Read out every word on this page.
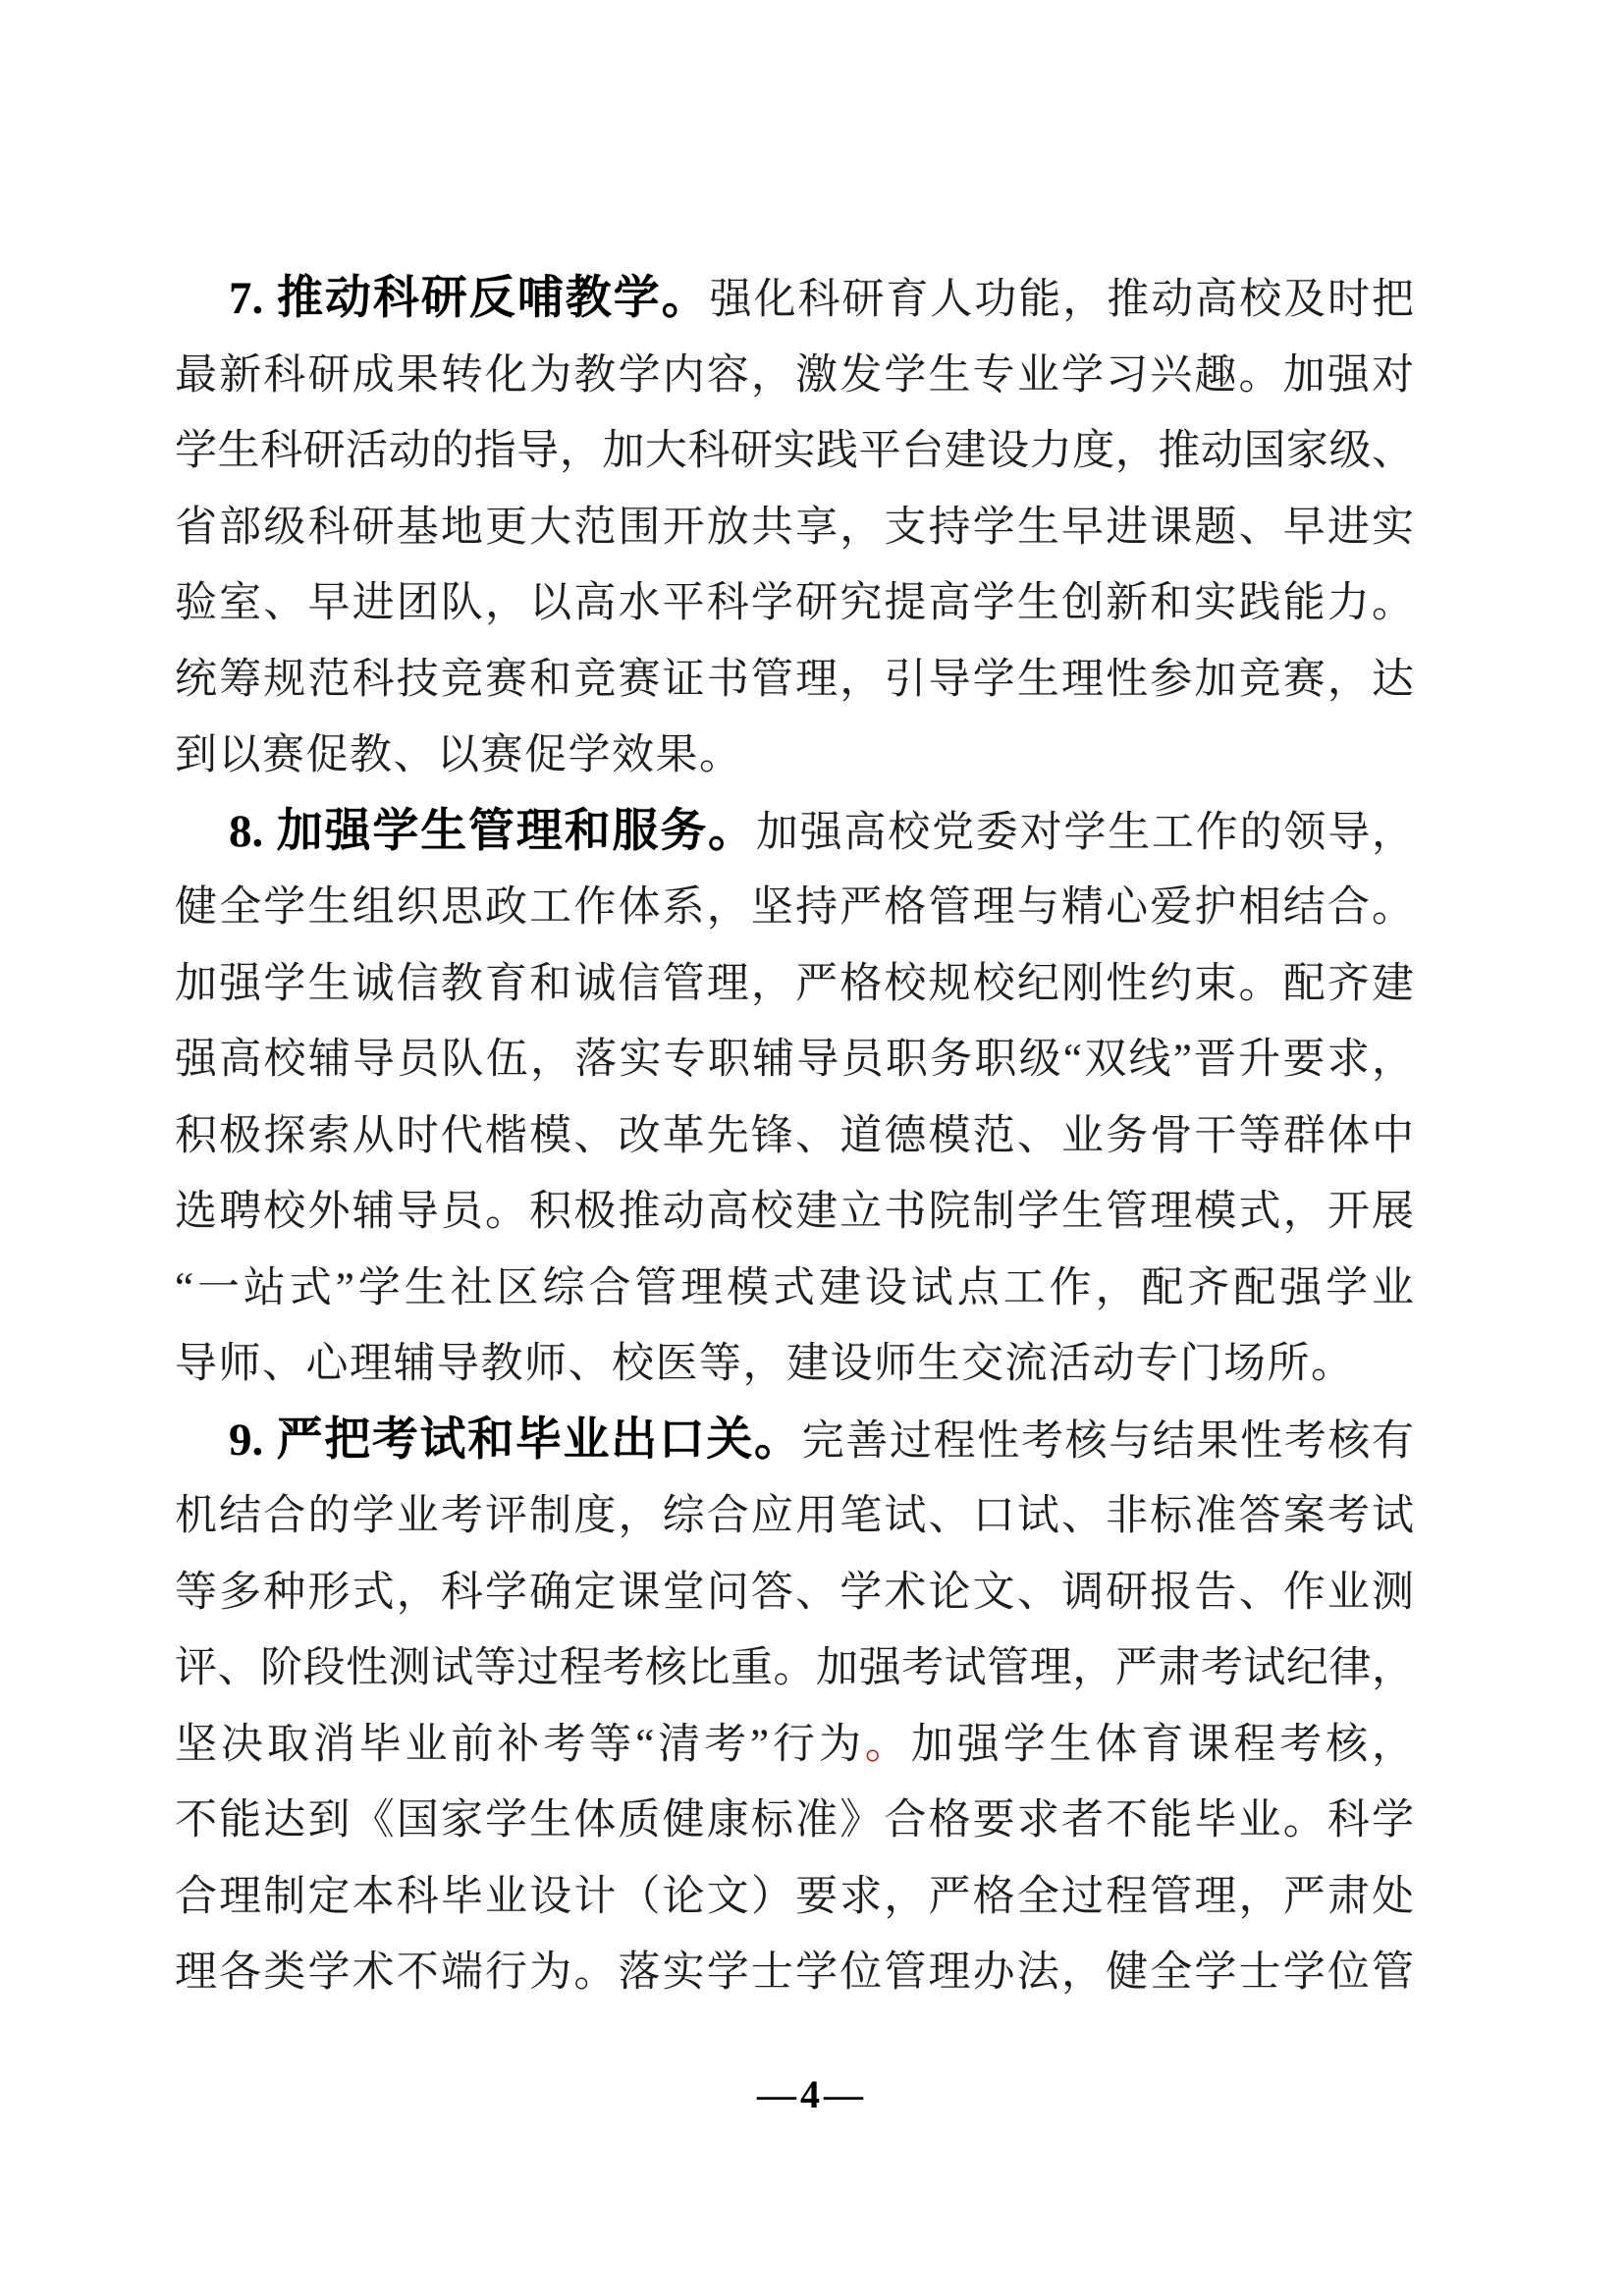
7. 推动科研反哺教学。强化科研育人功能，推动高校及时把
最新科研成果转化为教学内容，激发学生专业学习兴趣。加强对
学生科研活动的指导，加大科研实践平台建设力度，推动国家级、
省部级科研基地更大范围开放共享，支持学生早进课题、早进实
验室、早进团队，以高水平科学研究提高学生创新和实践能力。
统筹规范科技竞赛和竞赛证书管理，引导学生理性参加竞赛，达
到以赛促教、以赛促学效果。
8. 加强学生管理和服务。加强高校党委对学生工作的领导，
健全学生组织思政工作体系，坚持严格管理与精心爱护相结合。
加强学生诚信教育和诚信管理，严格校规校纪刚性约束。配齐建
强高校辅导员队伍，落实专职辅导员职务职级“双线”晋升要求，
积极探索从时代楷模、改革先锋、道德模范、业务骨干等群体中
选聘校外辅导员。积极推动高校建立书院制学生管理模式，开展
“一站式”学生社区综合管理模式建设试点工作，配齐配强学业
导师、心理辅导教师、校医等，建设师生交流活动专门场所。
9. 严把考试和毕业出口关。完善过程性考核与结果性考核有
机结合的学业考评制度，综合应用笔试、口试、非标准答案考试
等多种形式，科学确定课堂问答、学术论文、调研报告、作业测
评、阶段性测试等过程考核比重。加强考试管理，严肃考试纪律，
坚决取消毕业前补考等“清考”行为。加强学生体育课程考核，
不能达到《国家学生体质健康标准》合格要求者不能毕业。科学
合理制定本科毕业设计（论文）要求，严格全过程管理，严肃处
理各类学术不端行为。落实学士学位管理办法，健全学士学位管
—4—
